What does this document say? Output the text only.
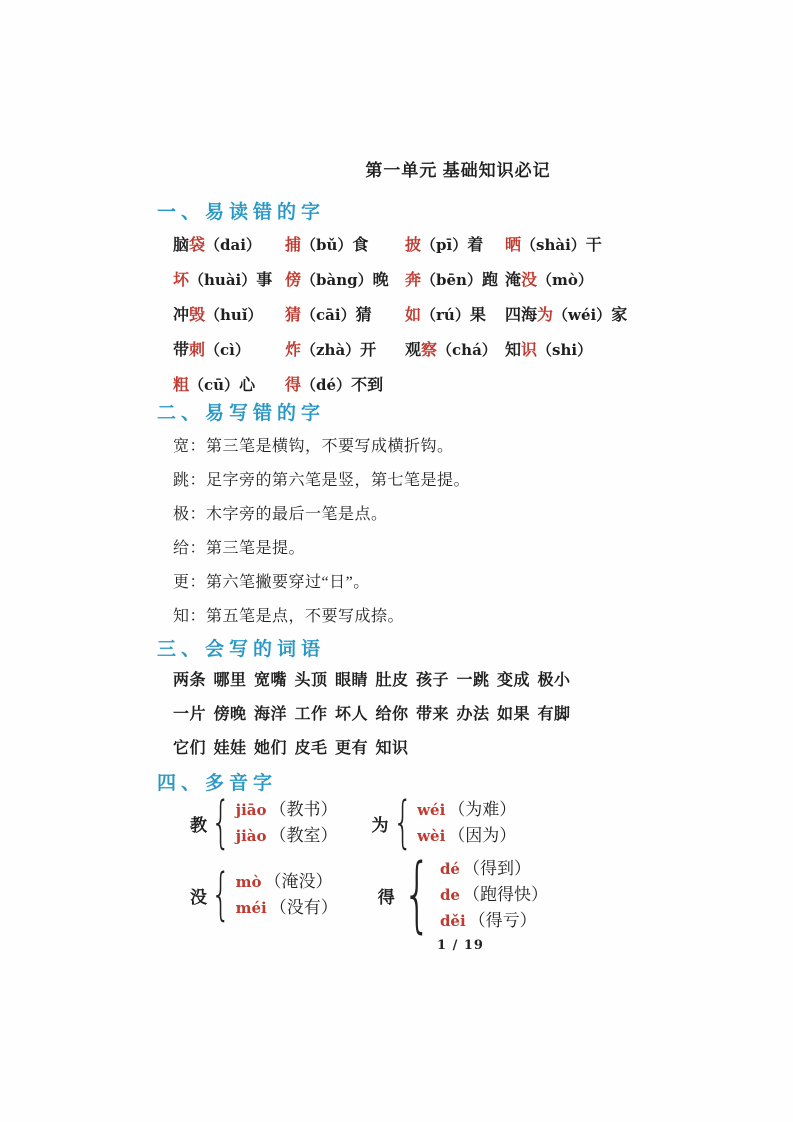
第一单元 基础知识必记
一、易读错的字
脑袋（dai）	捕（bǔ）食	披（pī）着	晒（shài）干
坏（huài）事 傍（bàng）晚	奔（bēn）跑 淹没（mò）
冲毁（huǐ）	猜（cāi）猜	如（rú）果	四海为（wéi）家
带刺（cì）	炸（zhà）开	观察（chá） 知识（shi）
粗（cū）心	得（dé）不到
二、易写错的字
宽：第三笔是横钩，不要写成横折钩。
跳：足字旁的第六笔是竖，第七笔是提。
极：木字旁的最后一笔是点。
给：第三笔是提。
更：第六笔撇要穿过“日”。
知：第五笔是点，不要写成捺。
三、会写的词语
两条 哪里 宽嘴 头顶 眼睛 肚皮 孩子 一跳 变成 极小
一片 傍晚 海洋 工作 坏人 给你 带来 办法 如果 有脚
它们 娃娃 她们 皮毛 更有 知识
四、多音字
教
{
jiāo （教书）
jiào （教室）
为
{
wéi （为难）
wèi （因为）
没
{
mò （淹没）
méi （没有）
得
{
dé （得到）
de （跑得快）
děi （得亏）
1 / 19
